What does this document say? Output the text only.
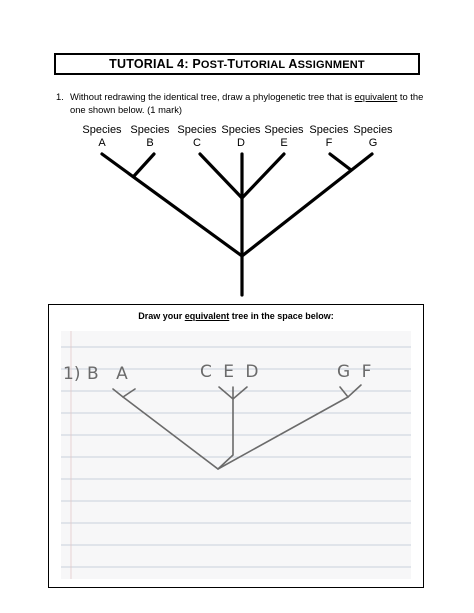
TUTORIAL 4: POST-TUTORIAL ASSIGNMENT
1. Without redrawing the identical tree, draw a phylogenetic tree that is equivalent to the one shown below. (1 mark)
Species
A
Species
B
Species
C
Species
D
Species
E
Species
F
Species
G
Draw your equivalent tree in the space below:
1) B A	C E D	G F
